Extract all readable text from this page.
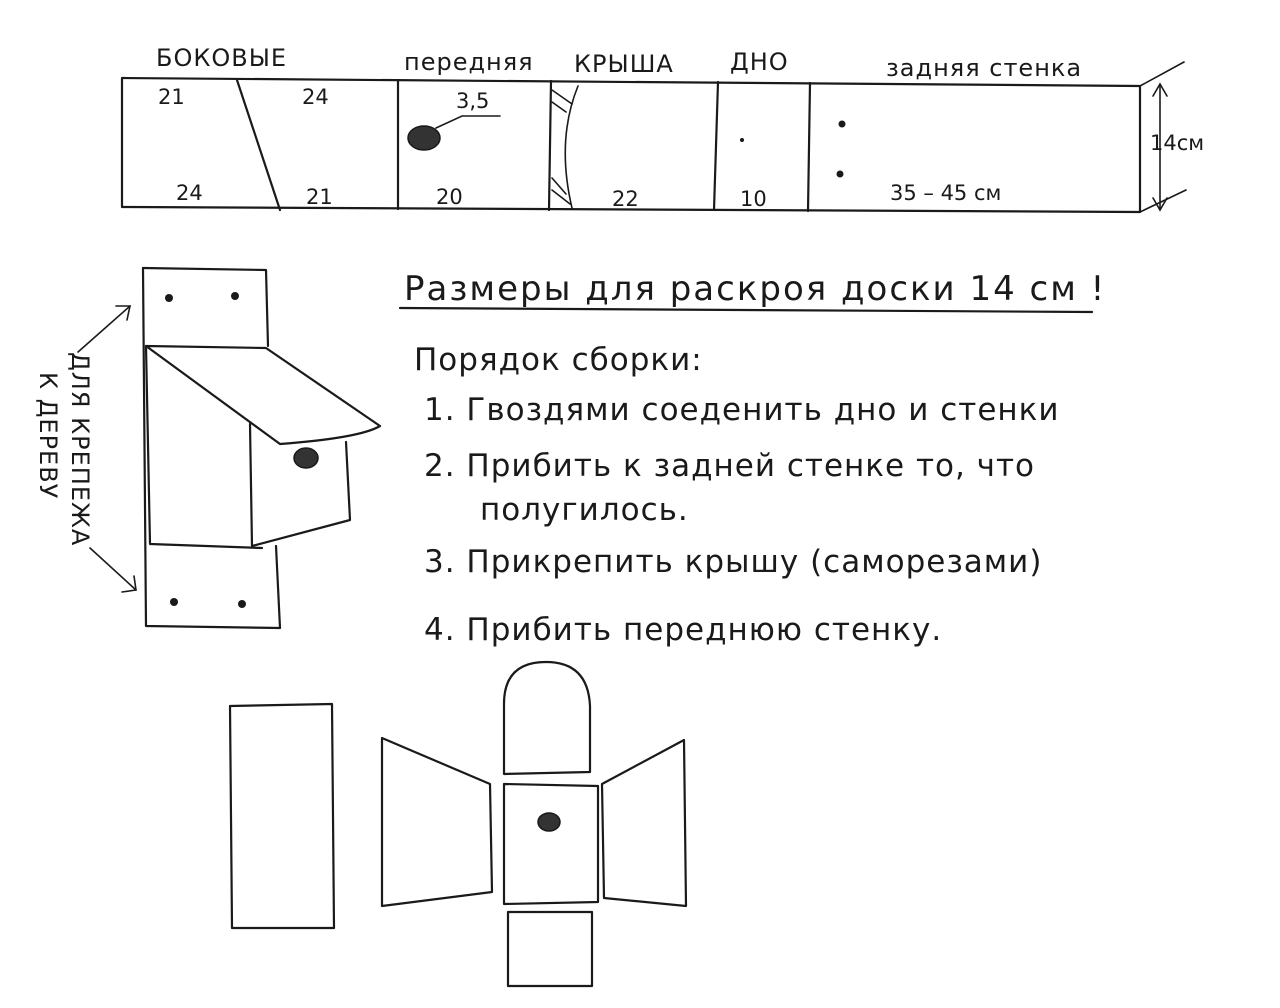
БОКОВЫЕ	передняя КРЫША ДНО	задняя стенка
21	24
24	21
3,5
20	22	10	35 – 45 см
14см
ДЛЯ КРЕПЕЖА
К ДЕРЕВУ
Размеры для раскроя доски 14 см !
Порядок сборки:
1. Гвоздями соеденить дно и стенки
2. Прибить к задней стенке то, что
полугилось.
3. Прикрепить крышу (саморезами)
4. Прибить переднюю стенку.
